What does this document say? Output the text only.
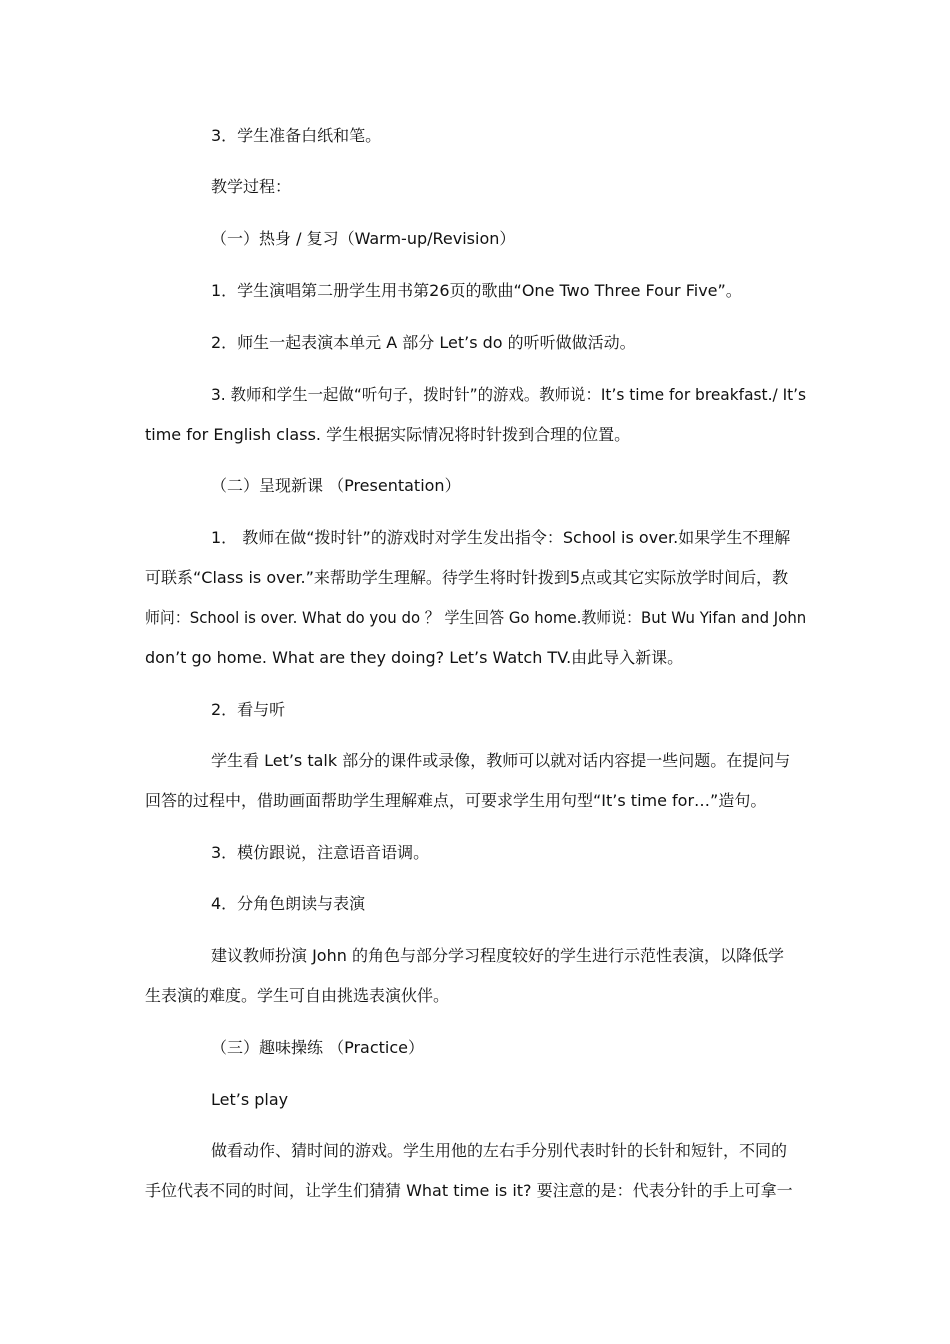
3．学生准备白纸和笔。
教学过程：
（一）热身 / 复习（Warm-up/Revision）
1．学生演唱第二册学生用书第26页的歌曲“One Two Three Four Five”。
2．师生一起表演本单元 A 部分 Let’s do 的听听做做活动。
3. 教师和学生一起做“听句子，拨时针”的游戏。教师说：It’s time for breakfast./ It’s
time for English class. 学生根据实际情况将时针拨到合理的位置。
（二）呈现新课 （Presentation）
1． 教师在做“拨时针”的游戏时对学生发出指令：School is over.如果学生不理解
可联系“Class is over.”来帮助学生理解。待学生将时针拨到5点或其它实际放学时间后，教
师问：School is over. What do you do ？ 学生回答 Go home.教师说：But Wu Yifan and John
don’t go home. What are they doing? Let’s Watch TV.由此导入新课。
2．看与听
学生看 Let’s talk 部分的课件或录像，教师可以就对话内容提一些问题。在提问与
回答的过程中，借助画面帮助学生理解难点，可要求学生用句型“It’s time for…”造句。
3．模仿跟说，注意语音语调。
4．分角色朗读与表演
建议教师扮演 John 的角色与部分学习程度较好的学生进行示范性表演，以降低学
生表演的难度。学生可自由挑选表演伙伴。
（三）趣味操练 （Practice）
Let’s play
做看动作、猜时间的游戏。学生用他的左右手分别代表时针的长针和短针，不同的
手位代表不同的时间，让学生们猜猜 What time is it? 要注意的是：代表分针的手上可拿一
